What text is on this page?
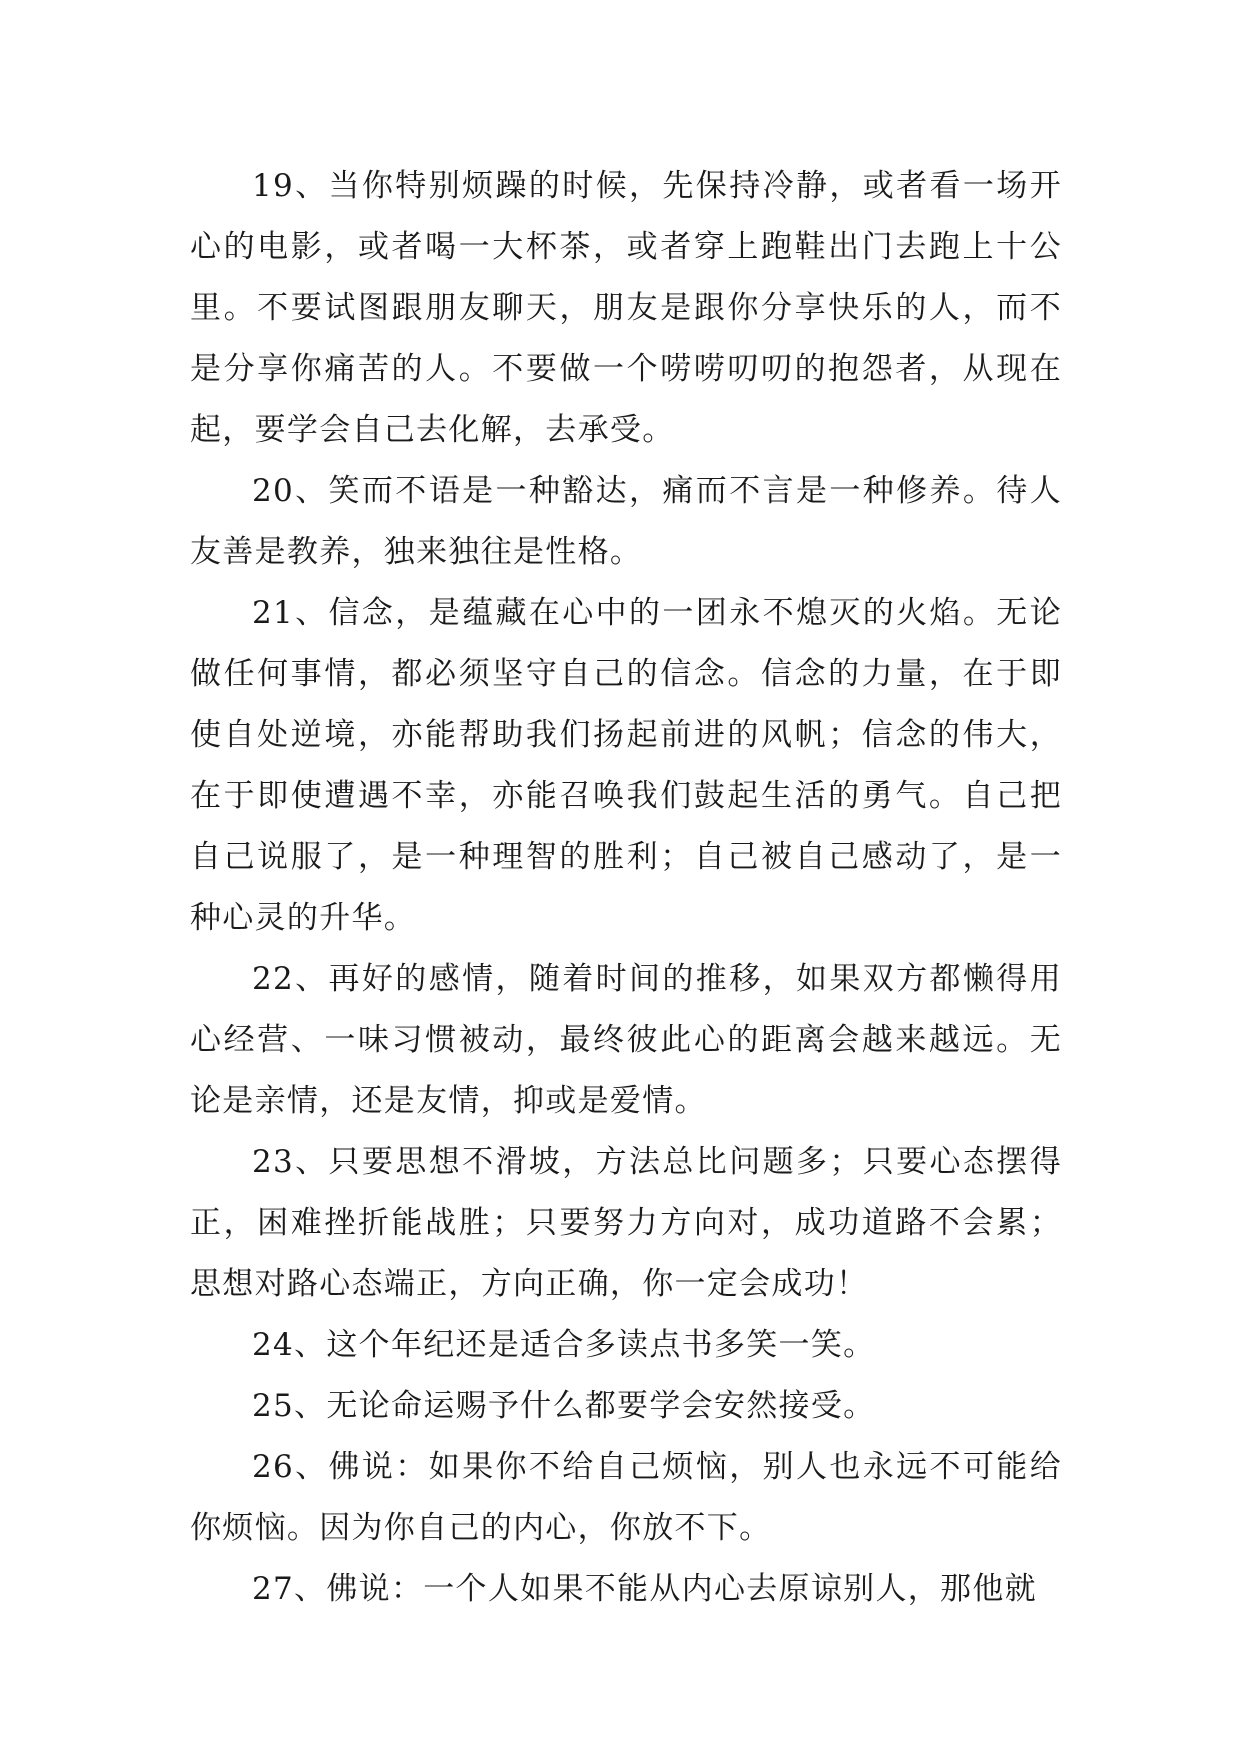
19、当你特别烦躁的时候，先保持冷静，或者看一场开心的电影，或者喝一大杯茶，或者穿上跑鞋出门去跑上十公里。不要试图跟朋友聊天，朋友是跟你分享快乐的人，而不是分享你痛苦的人。不要做一个唠唠叨叨的抱怨者，从现在起，要学会自己去化解，去承受。

20、笑而不语是一种豁达，痛而不言是一种修养。待人友善是教养，独来独往是性格。

21、信念，是蕴藏在心中的一团永不熄灭的火焰。无论做任何事情，都必须坚守自己的信念。信念的力量，在于即使自处逆境，亦能帮助我们扬起前进的风帆；信念的伟大，在于即使遭遇不幸，亦能召唤我们鼓起生活的勇气。自己把自己说服了，是一种理智的胜利；自己被自己感动了，是一种心灵的升华。

22、再好的感情，随着时间的推移，如果双方都懒得用心经营、一味习惯被动，最终彼此心的距离会越来越远。无论是亲情，还是友情，抑或是爱情。

23、只要思想不滑坡，方法总比问题多；只要心态摆得正，困难挫折能战胜；只要努力方向对，成功道路不会累；思想对路心态端正，方向正确，你一定会成功！

24、这个年纪还是适合多读点书多笑一笑。

25、无论命运赐予什么都要学会安然接受。

26、佛说：如果你不给自己烦恼，别人也永远不可能给你烦恼。因为你自己的内心，你放不下。

27、佛说：一个人如果不能从内心去原谅别人，那他就
